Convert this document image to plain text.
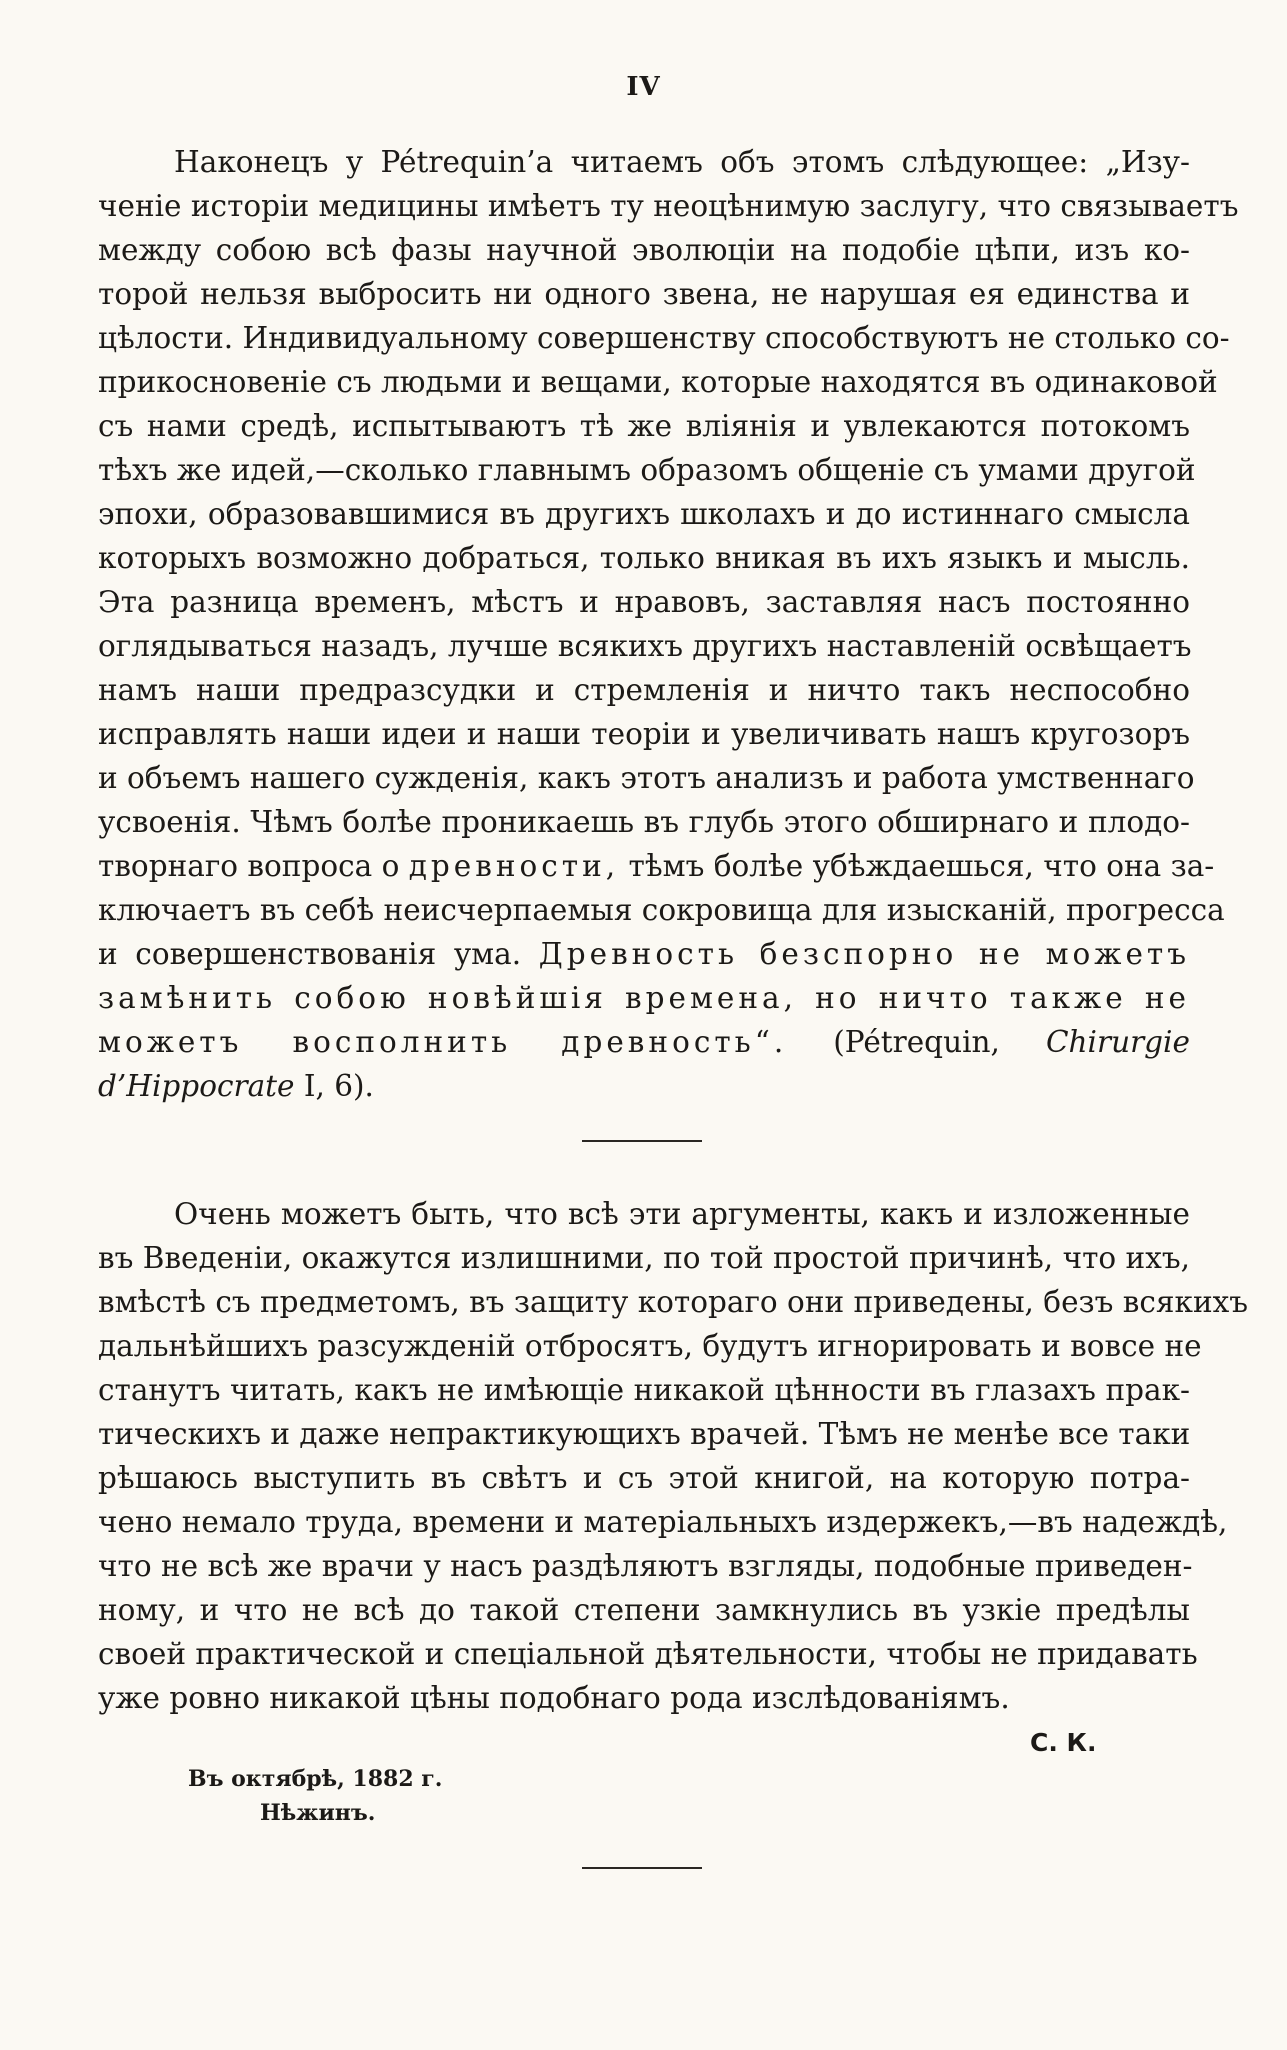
IV
Наконецъ у Pétrequin’а читаемъ объ этомъ слѣдующее: „Изу-
ченіе исторіи медицины имѣетъ ту неоцѣнимую заслугу, что связываетъ
между собою всѣ фазы научной эволюціи на подобіе цѣпи, изъ ко-
торой нельзя выбросить ни одного звена, не нарушая ея единства и
цѣлости. Индивидуальному совершенству способствуютъ не столько со-
прикосновеніе съ людьми и вещами, которые находятся въ одинаковой
съ нами средѣ, испытываютъ тѣ же вліянія и увлекаются потокомъ
тѣхъ же идей,—сколько главнымъ образомъ общеніе съ умами другой
эпохи, образовавшимися въ другихъ школахъ и до истиннаго смысла
которыхъ возможно добраться, только вникая въ ихъ языкъ и мысль.
Эта разница временъ, мѣстъ и нравовъ, заставляя насъ постоянно
оглядываться назадъ, лучше всякихъ другихъ наставленій освѣщаетъ
намъ наши предразсудки и стремленія и ничто такъ неспособно
исправлять наши идеи и наши теоріи и увеличивать нашъ кругозоръ
и объемъ нашего сужденія, какъ этотъ анализъ и работа умственнаго
усвоенія. Чѣмъ болѣе проникаешь въ глубь этого обширнаго и плодо-
творнаго вопроса о древности, тѣмъ болѣе убѣждаешься, что она за-
ключаетъ въ себѣ неисчерпаемыя сокровища для изысканій, прогресса
и совершенствованія ума. Древность безспорно не можетъ
замѣнить собою новѣйшія времена, но ничто также не
можетъ восполнить древность“. (Pétrequin, Chirurgie
d’Hippocrate I, 6).
Очень можетъ быть, что всѣ эти аргументы, какъ и изложенные
въ Введеніи, окажутся излишними, по той простой причинѣ, что ихъ,
вмѣстѣ съ предметомъ, въ защиту котораго они приведены, безъ всякихъ
дальнѣйшихъ разсужденій отбросятъ, будутъ игнорировать и вовсе не
станутъ читать, какъ не имѣющіе никакой цѣнности въ глазахъ прак-
тическихъ и даже непрактикующихъ врачей. Тѣмъ не менѣе все таки
рѣшаюсь выступить въ свѣтъ и съ этой книгой, на которую потра-
чено немало труда, времени и матеріальныхъ издержекъ,—въ надеждѣ,
что не всѣ же врачи у насъ раздѣляютъ взгляды, подобные приведен-
ному, и что не всѣ до такой степени замкнулись въ узкіе предѣлы
своей практической и спеціальной дѣятельности, чтобы не придавать
уже ровно никакой цѣны подобнаго рода изслѣдованіямъ.
С. К.
Въ октябрѣ, 1882 г.
Нѣжинъ.
